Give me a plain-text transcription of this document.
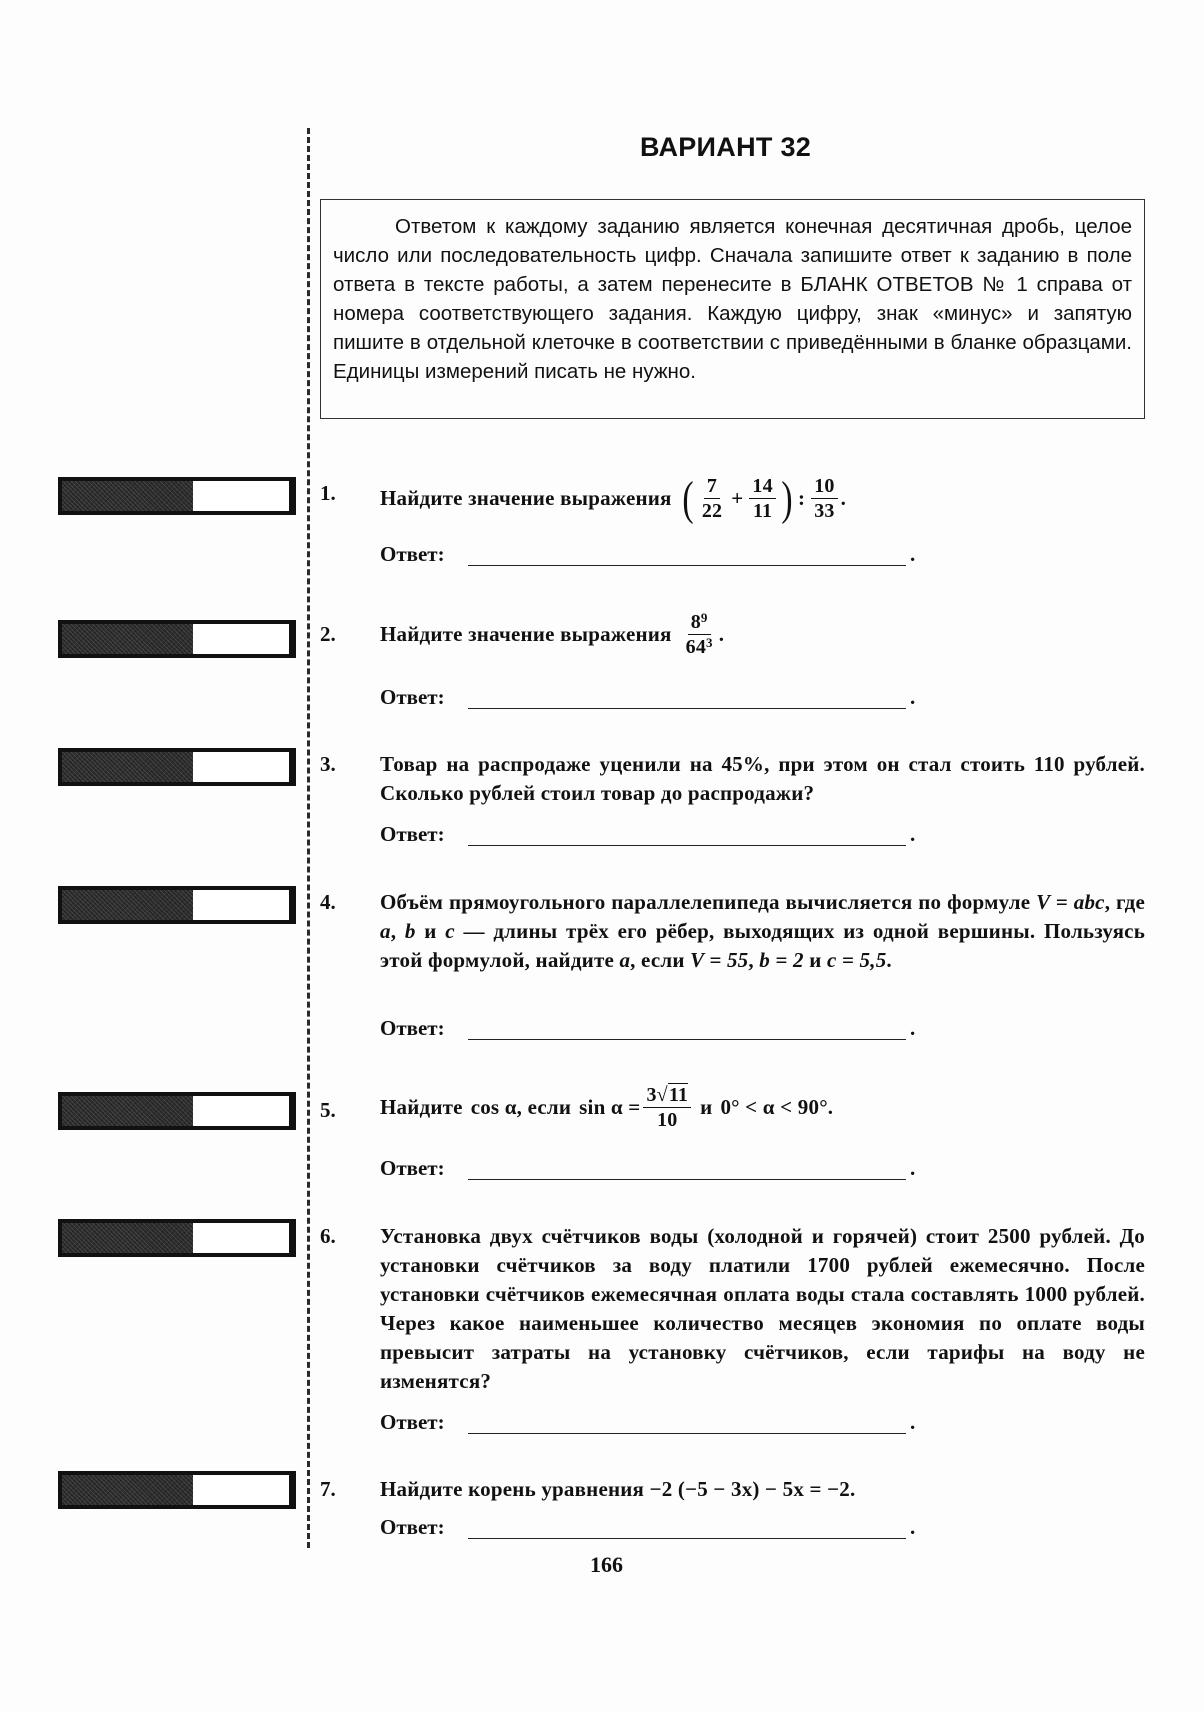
ВАРИАНТ 32

Ответом к каждому заданию является конечная десятичная дробь, целое число или последовательность цифр. Сначала запишите ответ к заданию в поле ответа в тексте работы, а затем перенесите в БЛАНК ОТВЕТОВ № 1 справа от номера соответствующего задания. Каждую цифру, знак «минус» и запятую пишите в отдельной клеточке в соответствии с приведёнными в бланке образцами. Единицы измерений писать не нужно.

1.	Найдите значение выражения ( $\frac{7}{22} + \frac{14}{11}$ ) : $\frac{10}{33}$ .
Ответ:	.
2.	Найдите значение выражения $\frac{8^9}{64^3}$ .
Ответ:	.
3.	Товар на распродаже уценили на 45%, при этом он стал стоить 110 рублей. Сколько рублей стоил товар до распродажи?
Ответ:	.
4.	Объём прямоугольного параллелепипеда вычисляется по формуле V = abc, где a, b и c — длины трёх его рёбер, выходящих из одной вершины. Пользуясь этой формулой, найдите a, если V = 55, b = 2 и c = 5,5.
Ответ:	.
5.	Найдите cos α , если $\sin \alpha = \frac{3√11}{10}$ и 0° < α < 90°.
Ответ:	.
6.	Установка двух счётчиков воды (холодной и горячей) стоит 2500 рублей. До установки счётчиков за воду платили 1700 рублей ежемесячно. После установки счётчиков ежемесячная оплата воды стала составлять 1000 рублей. Через какое наименьшее количество месяцев экономия по оплате воды превысит затраты на установку счётчиков, если тарифы на воду не изменятся?
Ответ:	.
7.	Найдите корень уравнения −2 (−5 − 3x) − 5x = −2.
Ответ:	.
166
